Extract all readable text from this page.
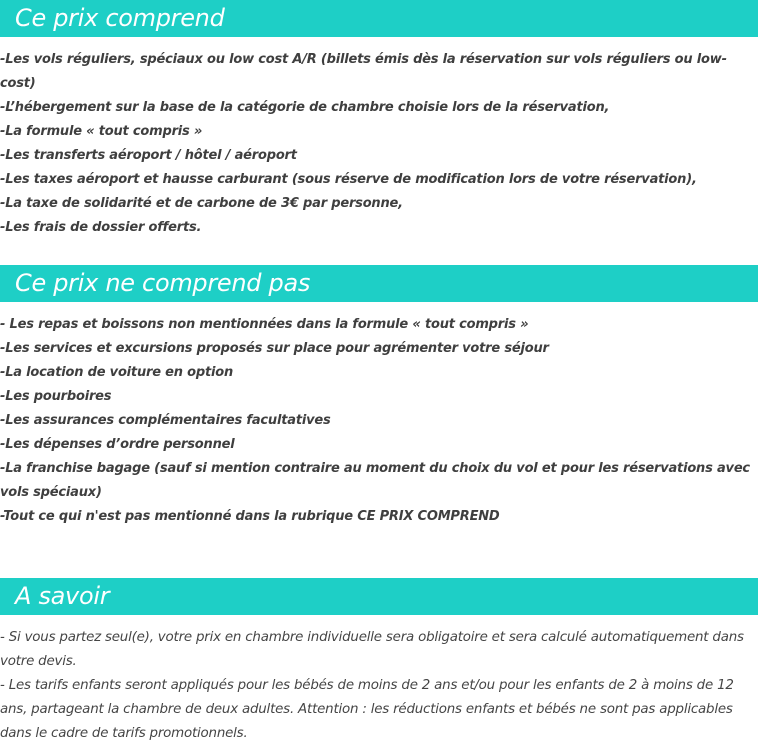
Ce prix comprend
-Les vols réguliers, spéciaux ou low cost A/R (billets émis dès la réservation sur vols réguliers ou low-cost)
-L’hébergement sur la base de la catégorie de chambre choisie lors de la réservation,
-La formule « tout compris »
-Les transferts aéroport / hôtel / aéroport
-Les taxes aéroport et hausse carburant (sous réserve de modification lors de votre réservation),
-La taxe de solidarité et de carbone de 3€ par personne,
-Les frais de dossier offerts.
Ce prix ne comprend pas
- Les repas et boissons non mentionnées dans la formule « tout compris »
-Les services et excursions proposés sur place pour agrémenter votre séjour
-La location de voiture en option
-Les pourboires
-Les assurances complémentaires facultatives
-Les dépenses d’ordre personnel
-La franchise bagage (sauf si mention contraire au moment du choix du vol et pour les réservations avec vols spéciaux)
-Tout ce qui n'est pas mentionné dans la rubrique CE PRIX COMPREND
A savoir
- Si vous partez seul(e), votre prix en chambre individuelle sera obligatoire et sera calculé automatiquement dans votre devis.
- Les tarifs enfants seront appliqués pour les bébés de moins de 2 ans et/ou pour les enfants de 2 à moins de 12 ans, partageant la chambre de deux adultes. Attention : les réductions enfants et bébés ne sont pas applicables dans le cadre de tarifs promotionnels.
